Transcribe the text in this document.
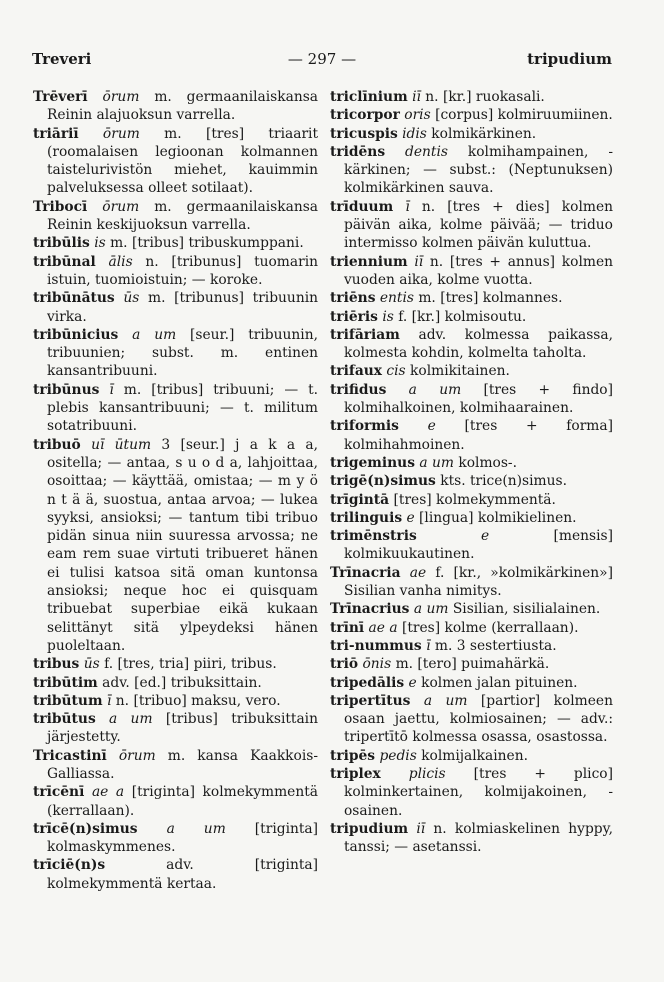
Treveri	— 297 —	tripudium

Trēverī ōrum m. germaanilaiskansa Reinin alajuoksun varrella.

triāriī ōrum m. [tres] triaarit (roomalaisen legioonan kolmannen taistelurivistön miehet, kauimmin palveluksessa olleet sotilaat).

Tribocī ōrum m. germaanilaiskansa Reinin keskijuoksun varrella.

tribūlis is m. [tribus] tribuskumppani.

tribūnal ālis n. [tribunus] tuomarin istuin, tuomioistuin; — koroke.

tribūnātus ūs m. [tribunus] tribuunin virka.

tribūnicius a um [seur.] tribuunin, tribuunien; subst. m. entinen kansantribuuni.

tribūnus ī m. [tribus] tribuuni; — t. plebis kansantribuuni; — t. militum sotatribuuni.

tribuō uī ūtum 3 [seur.] j a k a a, ositella; — antaa, s u o d a, lahjoittaa, osoittaa; — käyttää, omistaa; — m y ö n t ä ä, suostua, antaa arvoa; — lukea syyksi, ansioksi; — tantum tibi tribuo pidän sinua niin suuressa arvossa; ne eam rem suae virtuti tribueret hänen ei tulisi katsoa sitä oman kuntonsa ansioksi; neque hoc ei quisquam tribuebat superbiae eikä kukaan selittänyt sitä ylpeydeksi hänen puoleltaan.

tribus ūs f. [tres, tria] piiri, tribus.

tribūtim adv. [ed.] tribuksittain.

tribūtum ī n. [tribuo] maksu, vero.

tribūtus a um [tribus] tribuksittain järjestetty.

Tricastinī ōrum m. kansa Kaakkois-Galliassa.

trīcēnī ae a [triginta] kolmekymmentä (kerrallaan).

trīcē(n)simus a um [triginta] kolmaskymmenes.

trīciē(n)s	adv. [triginta] kolmekymmentä kertaa.

triclīnium iī n. [kr.] ruokasali.

tricorpor oris [corpus] kolmiruumiinen.

tricuspis idis kolmikärkinen.

tridēns dentis kolmihampainen, -kärkinen; — subst.: (Neptunuksen) kolmikärkinen sauva.

trīduum ī n. [tres + dies] kolmen päivän aika, kolme päivää; — triduo intermisso kolmen päivän kuluttua.

triennium iī n. [tres + annus] kolmen vuoden aika, kolme vuotta.

triēns entis m. [tres] kolmannes.

triēris is f. [kr.] kolmisoutu.

trifāriam adv. kolmessa paikassa, kolmesta kohdin, kolmelta taholta.

trifaux cis kolmikitainen.

trifidus a um [tres + findo] kolmihalkoinen, kolmihaarainen.

triformis e [tres + forma] kolmihahmoinen.

trigeminus a um kolmos-.

trigē(n)simus kts. trice(n)simus.

trīgintā [tres] kolmekymmentä.

trilinguis e [lingua] kolmikielinen.

trimēnstris	e	[mensis] kolmikuukautinen.

Trīnacria ae f. [kr., »kolmikärkinen»] Sisilian vanha nimitys.

Trīnacrius a um Sisilian, sisilialainen.

trīnī ae a [tres] kolme (kerrallaan).

tri-nummus ī m. 3 sestertiusta.

triō ōnis m. [tero] puimahärkä.

tripedālis e kolmen jalan pituinen.

tripertītus a um [partior] kolmeen osaan jaettu, kolmiosainen; — adv.: tripertītō kolmessa osassa, osastossa.

tripēs pedis kolmijalkainen.

triplex plicis [tres + plico] kolminkertainen, kolmijakoinen, -osainen.

tripudium iī n. kolmiaskelinen hyppy, tanssi; — asetanssi.
